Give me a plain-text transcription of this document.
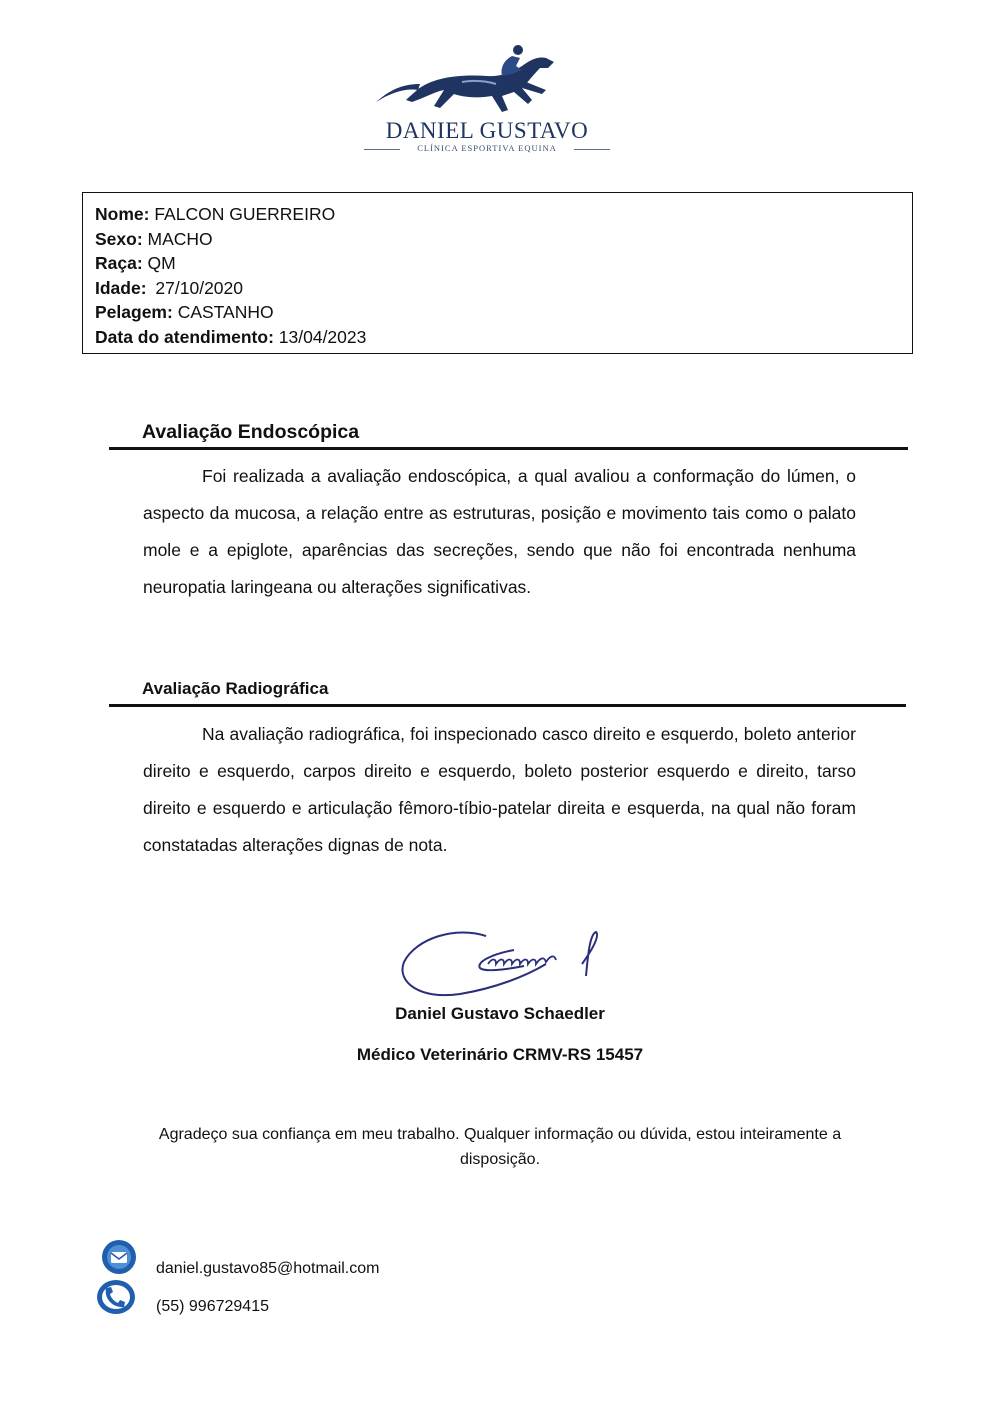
DANIEL GUSTAVO
CLÍNICA ESPORTIVA EQUINA
Nome: FALCON GUERREIRO
Sexo: MACHO
Raça: QM
Idade: 27/10/2020
Pelagem: CASTANHO
Data do atendimento: 13/04/2023
Avaliação Endoscópica
Foi realizada a avaliação endoscópica, a qual avaliou a conformação do lúmen, o aspecto da mucosa, a relação entre as estruturas, posição e movimento tais como o palato mole e a epiglote, aparências das secreções, sendo que não foi encontrada nenhuma neuropatia laringeana ou alterações significativas.
Avaliação Radiográfica
Na avaliação radiográfica, foi inspecionado casco direito e esquerdo, boleto anterior direito e esquerdo, carpos direito e esquerdo, boleto posterior esquerdo e direito, tarso direito e esquerdo e articulação fêmoro-tíbio-patelar direita e esquerda, na qual não foram constatadas alterações dignas de nota.
Daniel Gustavo Schaedler
Médico Veterinário CRMV-RS 15457
Agradeço sua confiança em meu trabalho. Qualquer informação ou dúvida, estou inteiramente a disposição.
daniel.gustavo85@hotmail.com
(55) 996729415
